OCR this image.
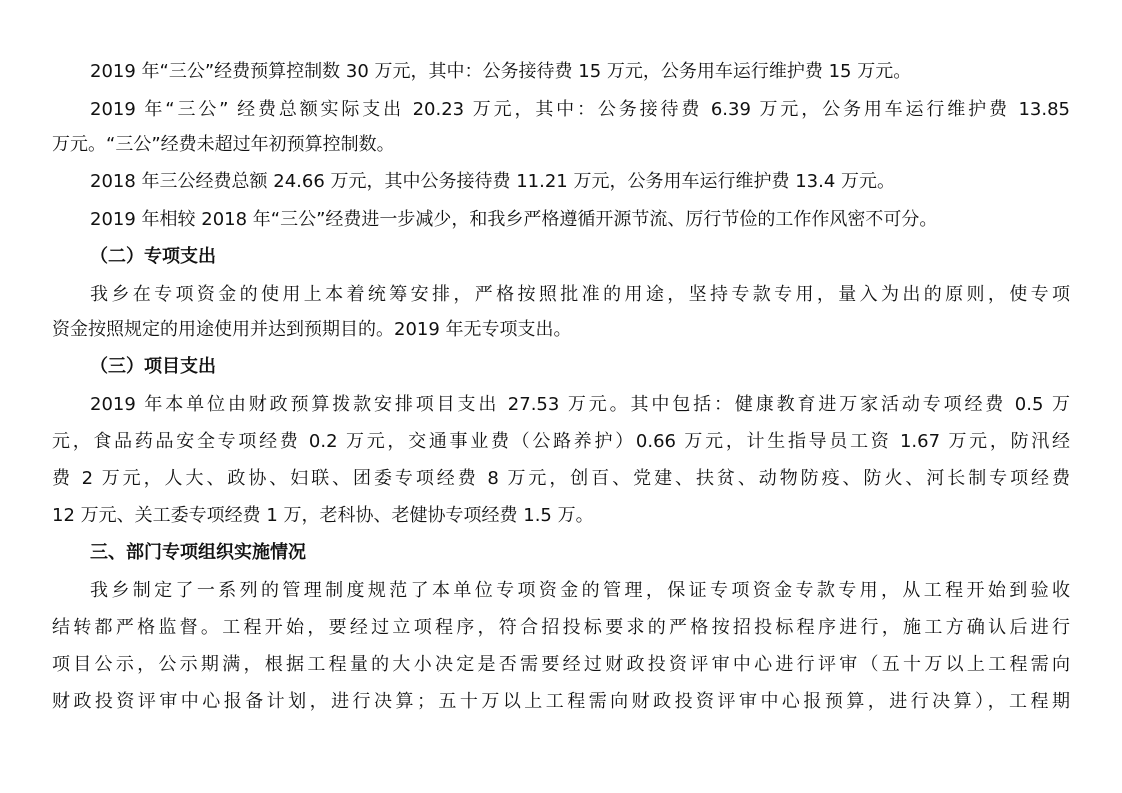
2019 年“三公”经费预算控制数 30 万元，其中：公务接待费 15 万元，公务用车运行维护费 15 万元。
2019 年“三公” 经费总额实际支出 20.23 万元，其中：公务接待费 6.39 万元，公务用车运行维护费 13.85
万元。“三公”经费未超过年初预算控制数。
2018 年三公经费总额 24.66 万元，其中公务接待费 11.21 万元，公务用车运行维护费 13.4 万元。
2019 年相较 2018 年“三公”经费进一步减少，和我乡严格遵循开源节流、厉行节俭的工作作风密不可分。
（二）专项支出
我乡在专项资金的使用上本着统筹安排，严格按照批准的用途，坚持专款专用，量入为出的原则，使专项
资金按照规定的用途使用并达到预期目的。2019 年无专项支出。
（三）项目支出
2019 年本单位由财政预算拨款安排项目支出 27.53 万元。其中包括：健康教育进万家活动专项经费 0.5 万
元，食品药品安全专项经费 0.2 万元，交通事业费（公路养护）0.66 万元，计生指导员工资 1.67 万元，防汛经
费 2 万元，人大、政协、妇联、团委专项经费 8 万元，创百、党建、扶贫、动物防疫、防火、河长制专项经费
12 万元、关工委专项经费 1 万，老科协、老健协专项经费 1.5 万。
三、部门专项组织实施情况
我乡制定了一系列的管理制度规范了本单位专项资金的管理，保证专项资金专款专用，从工程开始到验收
结转都严格监督。工程开始，要经过立项程序，符合招投标要求的严格按招投标程序进行，施工方确认后进行
项目公示，公示期满，根据工程量的大小决定是否需要经过财政投资评审中心进行评审（五十万以上工程需向
财政投资评审中心报备计划，进行决算；五十万以上工程需向财政投资评审中心报预算，进行决算），工程期
